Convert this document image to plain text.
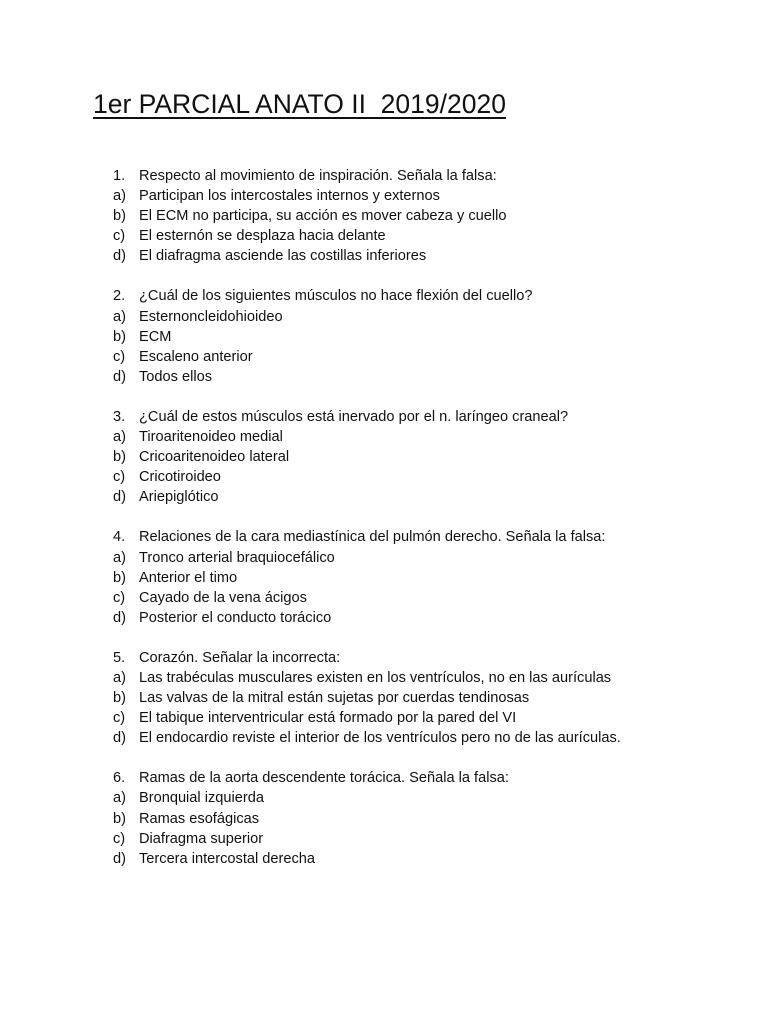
1er PARCIAL ANATO II  2019/2020
1. Respecto al movimiento de inspiración. Señala la falsa:
a) Participan los intercostales internos y externos
b) El ECM no participa, su acción es mover cabeza y cuello
c) El esternón se desplaza hacia delante
d) El diafragma asciende las costillas inferiores
2. ¿Cuál de los siguientes músculos no hace flexión del cuello?
a) Esternoncleidohioideo
b) ECM
c) Escaleno anterior
d) Todos ellos
3. ¿Cuál de estos músculos está inervado por el n. laríngeo craneal?
a) Tiroaritenoideo medial
b) Cricoaritenoideo lateral
c) Cricotiroideo
d) Ariepiglótico
4. Relaciones de la cara mediastínica del pulmón derecho. Señala la falsa:
a) Tronco arterial braquiocefálico
b) Anterior el timo
c) Cayado de la vena ácigos
d) Posterior el conducto torácico
5. Corazón. Señalar la incorrecta:
a) Las trabéculas musculares existen en los ventrículos, no en las aurículas
b) Las valvas de la mitral están sujetas por cuerdas tendinosas
c) El tabique interventricular está formado por la pared del VI
d) El endocardio reviste el interior de los ventrículos pero no de las aurículas.
6. Ramas de la aorta descendente torácica. Señala la falsa:
a) Bronquial izquierda
b) Ramas esofágicas
c) Diafragma superior
d) Tercera intercostal derecha
